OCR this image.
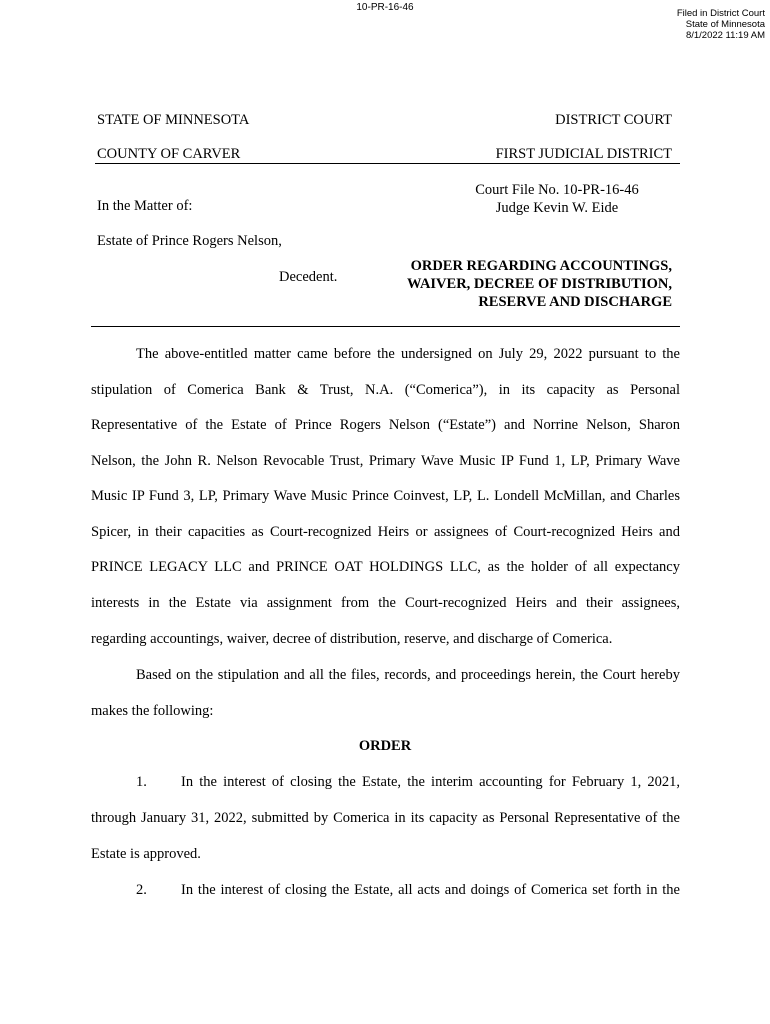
10-PR-16-46
Filed in District Court
State of Minnesota
8/1/2022 11:19 AM
STATE OF MINNESOTA	DISTRICT COURT
COUNTY OF CARVER	FIRST JUDICIAL DISTRICT
Court File No. 10-PR-16-46
Judge Kevin W. Eide
In the Matter of:
Estate of Prince Rogers Nelson,
Decedent.
ORDER REGARDING ACCOUNTINGS,
WAIVER, DECREE OF DISTRIBUTION,
RESERVE AND DISCHARGE
The above-entitled matter came before the undersigned on July 29, 2022 pursuant to the
stipulation of Comerica Bank & Trust, N.A. (“Comerica”), in its capacity as Personal
Representative of the Estate of Prince Rogers Nelson (“Estate”) and Norrine Nelson, Sharon
Nelson, the John R. Nelson Revocable Trust, Primary Wave Music IP Fund 1, LP, Primary Wave
Music IP Fund 3, LP, Primary Wave Music Prince Coinvest, LP, L. Londell McMillan, and Charles
Spicer, in their capacities as Court-recognized Heirs or assignees of Court-recognized Heirs and
PRINCE LEGACY LLC and PRINCE OAT HOLDINGS LLC, as the holder of all expectancy
interests in the Estate via assignment from the Court-recognized Heirs and their assignees,
regarding accountings, waiver, decree of distribution, reserve, and discharge of Comerica.
Based on the stipulation and all the files, records, and proceedings herein, the Court hereby
makes the following:
ORDER
1. In the interest of closing the Estate, the interim accounting for February 1, 2021,
through January 31, 2022, submitted by Comerica in its capacity as Personal Representative of the
Estate is approved.
2. In the interest of closing the Estate, all acts and doings of Comerica set forth in the
